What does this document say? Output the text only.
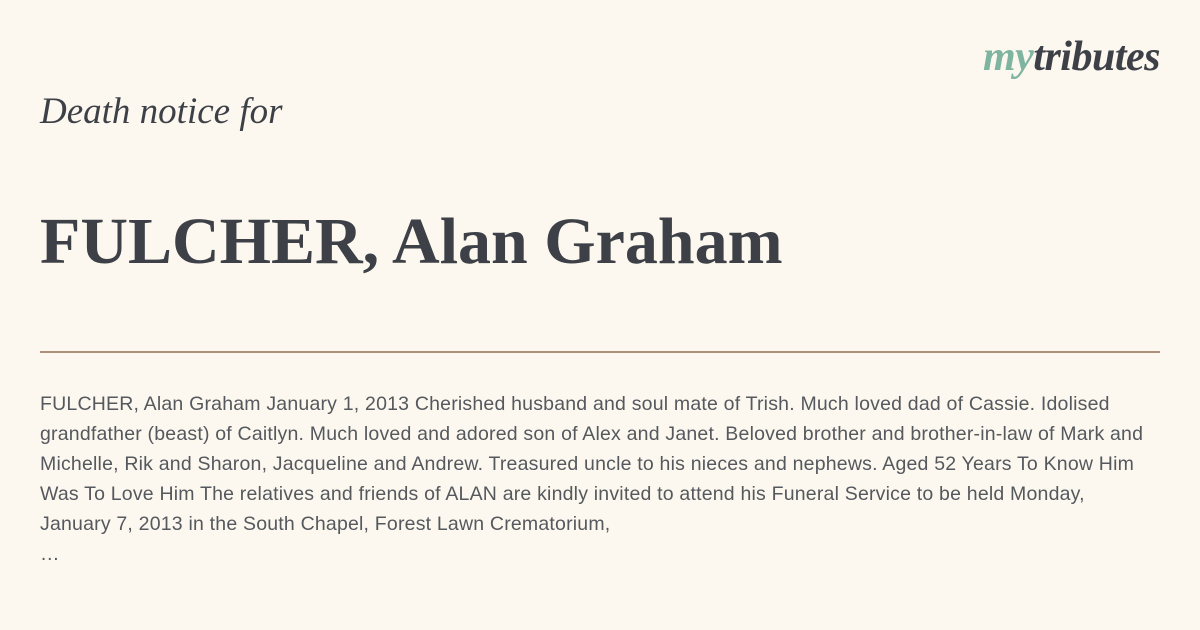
mytributes
Death notice for
FULCHER, Alan Graham
FULCHER, Alan Graham January 1, 2013 Cherished husband and soul mate of Trish. Much loved dad of Cassie. Idolised grandfather (beast) of Caitlyn. Much loved and adored son of Alex and Janet. Beloved brother and brother-in-law of Mark and Michelle, Rik and Sharon, Jacqueline and Andrew. Treasured uncle to his nieces and nephews. Aged 52 Years To Know Him Was To Love Him The relatives and friends of ALAN are kindly invited to attend his Funeral Service to be held Monday, January 7, 2013 in the South Chapel, Forest Lawn Crematorium,
…
